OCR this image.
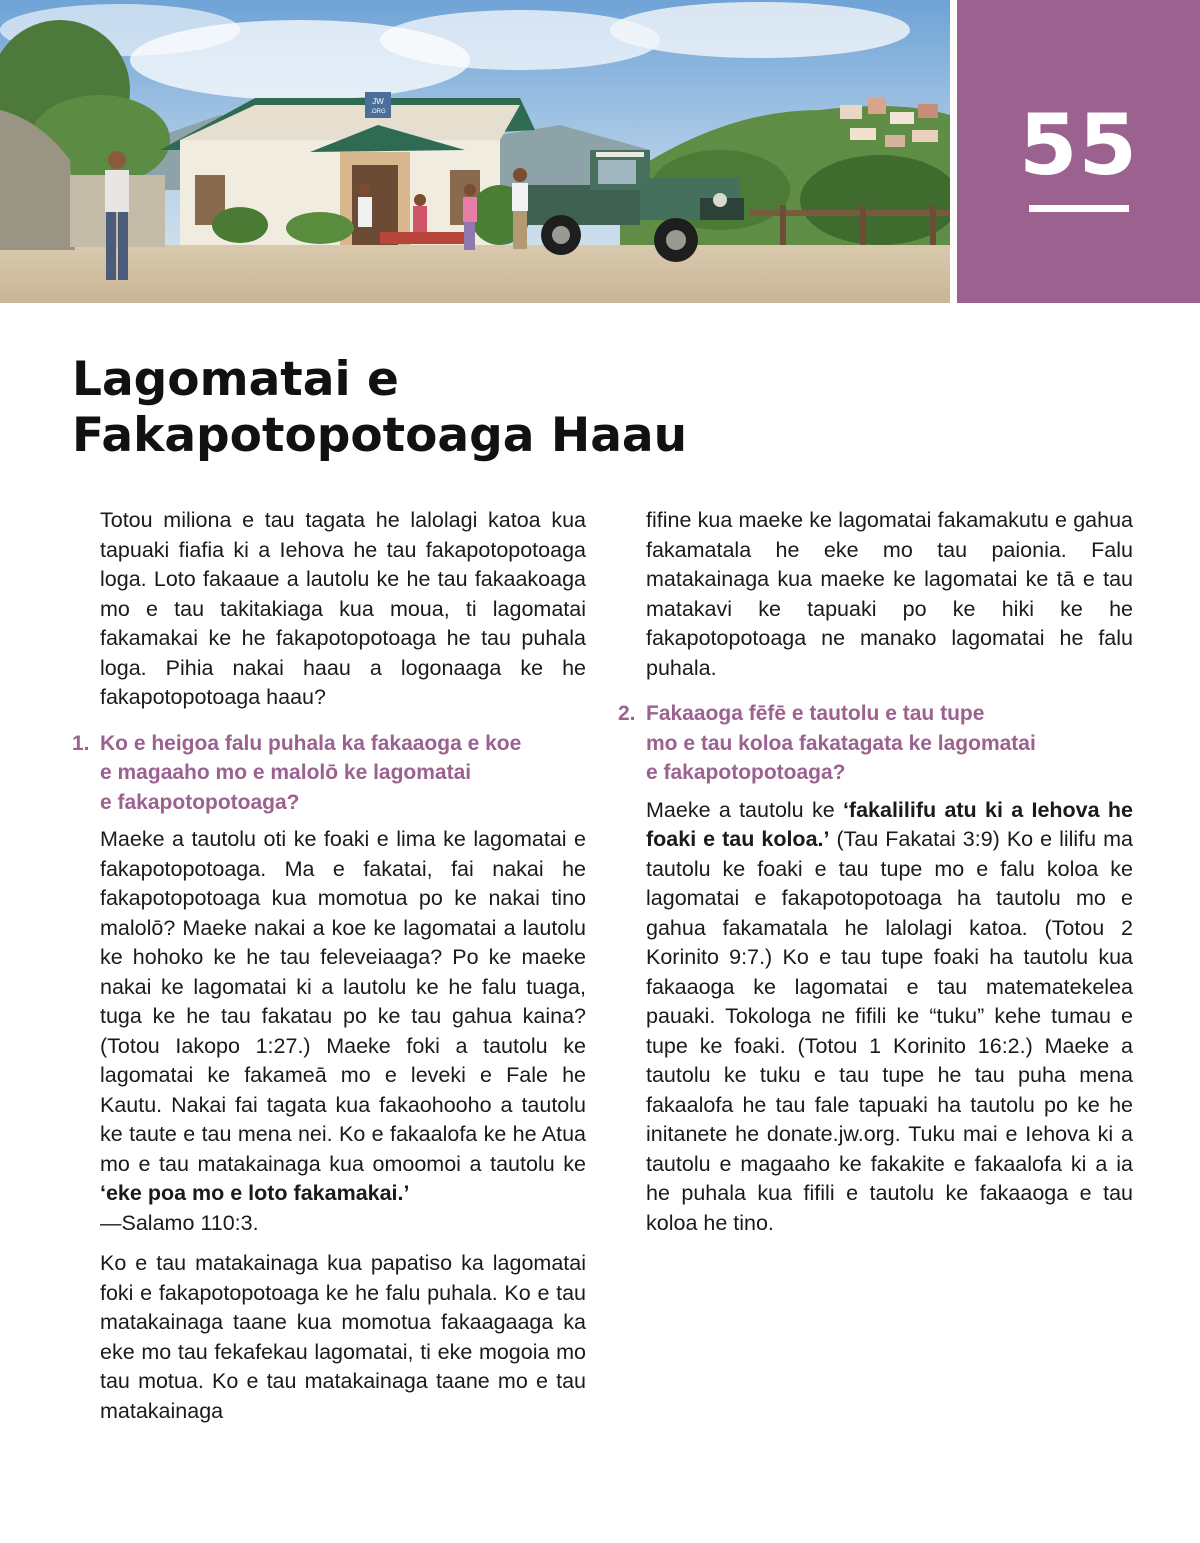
JW
.ORG	55
Lagomatai e
Fakapotopotoaga Haau

Totou miliona e tau tagata he lalolagi katoa kua tapuaki fiafia ki a Iehova he tau fakapotopotoaga loga. Loto fakaaue a lautolu ke he tau fakaakoaga mo e tau takitakiaga kua moua, ti lagomatai fakamakai ke he fakapotopotoaga he tau puhala loga. Pihia nakai haau a logonaaga ke he fakapotopotoaga haau?

1. Ko e heigoa falu puhala ka fakaaoga e koe
e magaaho mo e malolō ke lagomatai
e fakapotopotoaga?

Maeke a tautolu oti ke foaki e lima ke lagomatai e fakapotopotoaga. Ma e fakatai, fai nakai he fakapotopotoaga kua momotua po ke nakai tino malolō? Maeke nakai a koe ke lagomatai a lautolu ke hohoko ke he tau feleveiaaga? Po ke maeke nakai ke lagomatai ki a lautolu ke he falu tuaga, tuga ke he tau fakatau po ke tau gahua kaina? (Totou Iakopo 1:27.) Maeke foki a tautolu ke lagomatai ke fakameā mo e leveki e Fale he Kautu. Nakai fai tagata kua fakaohooho a tautolu ke taute e tau mena nei. Ko e fakaalofa ke he Atua mo e tau matakainaga kua omoomoi a tautolu ke ‘eke poa mo e loto fakamakai.’
—Salamo 110:3.

Ko e tau matakainaga kua papatiso ka lagomatai foki e fakapotopotoaga ke he falu puhala. Ko e tau matakainaga taane kua momotua fakaagaaga ka eke mo tau fekafekau lagomatai, ti eke mogoia mo tau motua. Ko e tau matakainaga taane mo e tau matakainaga

fifine kua maeke ke lagomatai fakamakutu e gahua fakamatala he eke mo tau paionia. Falu matakainaga kua maeke ke lagomatai ke tā e tau matakavi ke tapuaki po ke hiki ke he fakapotopotoaga ne manako lagomatai he falu puhala.

2. Fakaaoga fēfē e tautolu e tau tupe
mo e tau koloa fakatagata ke lagomatai
e fakapotopotoaga?

Maeke a tautolu ke ‘fakalilifu atu ki a Iehova he foaki e tau koloa.’ (Tau Fakatai 3:9) Ko e lilifu ma tautolu ke foaki e tau tupe mo e falu koloa ke lagomatai e fakapotopotoaga ha tautolu mo e gahua fakamatala he lalolagi katoa. (Totou 2 Korinito 9:7.) Ko e tau tupe foaki ha tautolu kua fakaaoga ke lagomatai e tau matematekelea pauaki. Tokologa ne fifili ke “tuku” kehe tumau e tupe ke foaki. (Totou 1 Korinito 16:2.) Maeke a tautolu ke tuku e tau tupe he tau puha mena fakaalofa he tau fale tapuaki ha tautolu po ke he initanete he donate.jw.org. Tuku mai e Iehova ki a tautolu e magaaho ke fakakite e fakaalofa ki a ia he puhala kua fifili e tautolu ke fakaaoga e tau koloa he tino.
